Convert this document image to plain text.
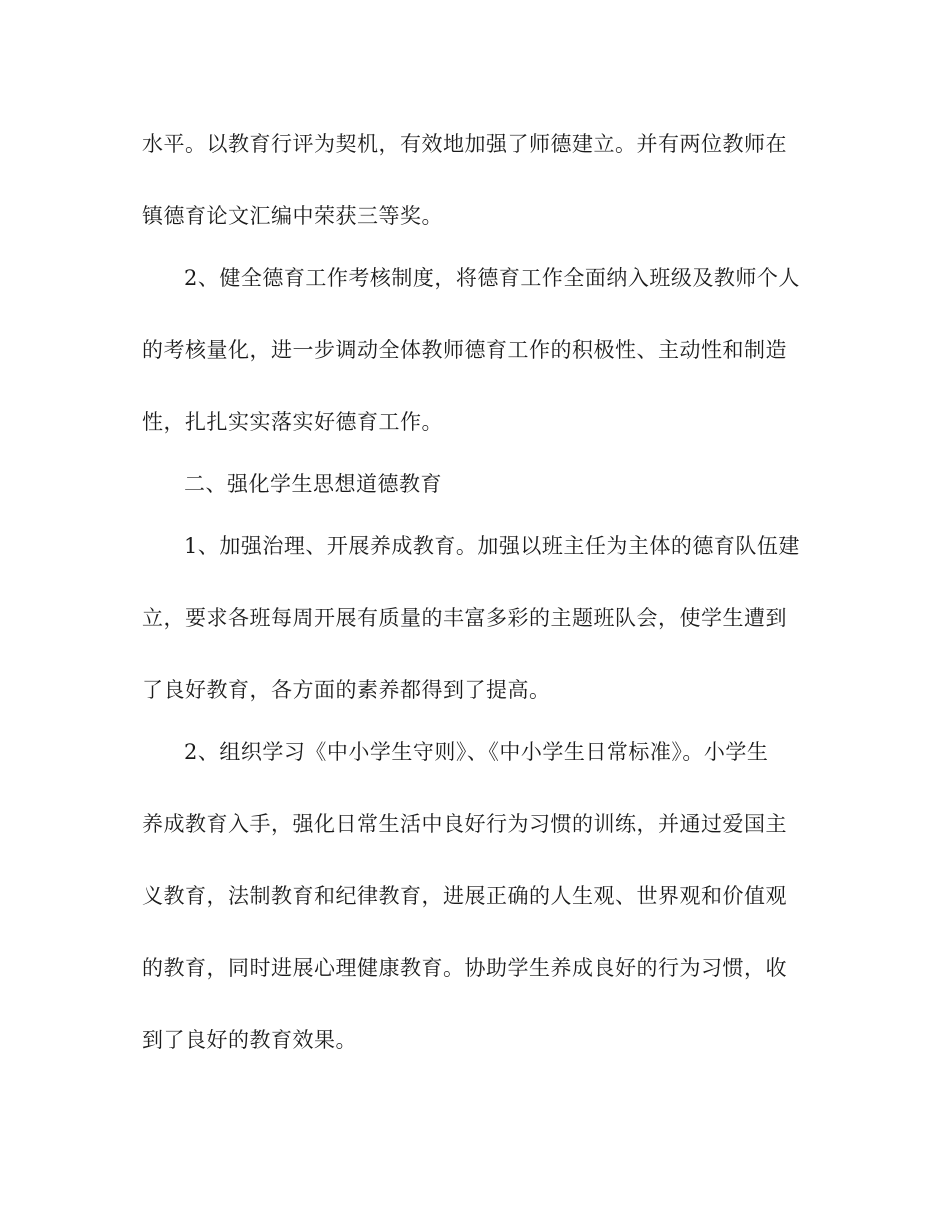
水平。以教育行评为契机，有效地加强了师德建立。并有两位教师在
镇德育论文汇编中荣获三等奖。
2、健全德育工作考核制度，将德育工作全面纳入班级及教师个人
的考核量化，进一步调动全体教师德育工作的积极性、主动性和制造
性，扎扎实实落实好德育工作。
二、强化学生思想道德教育
1、加强治理、开展养成教育。加强以班主任为主体的德育队伍建
立，要求各班每周开展有质量的丰富多彩的主题班队会，使学生遭到
了良好教育，各方面的素养都得到了提高。
2、组织学习《中小学生守则》、《中小学生日常标准》。小学生
养成教育入手，强化日常生活中良好行为习惯的训练，并通过爱国主
义教育，法制教育和纪律教育，进展正确的人生观、世界观和价值观
的教育，同时进展心理健康教育。协助学生养成良好的行为习惯，收
到了良好的教育效果。
